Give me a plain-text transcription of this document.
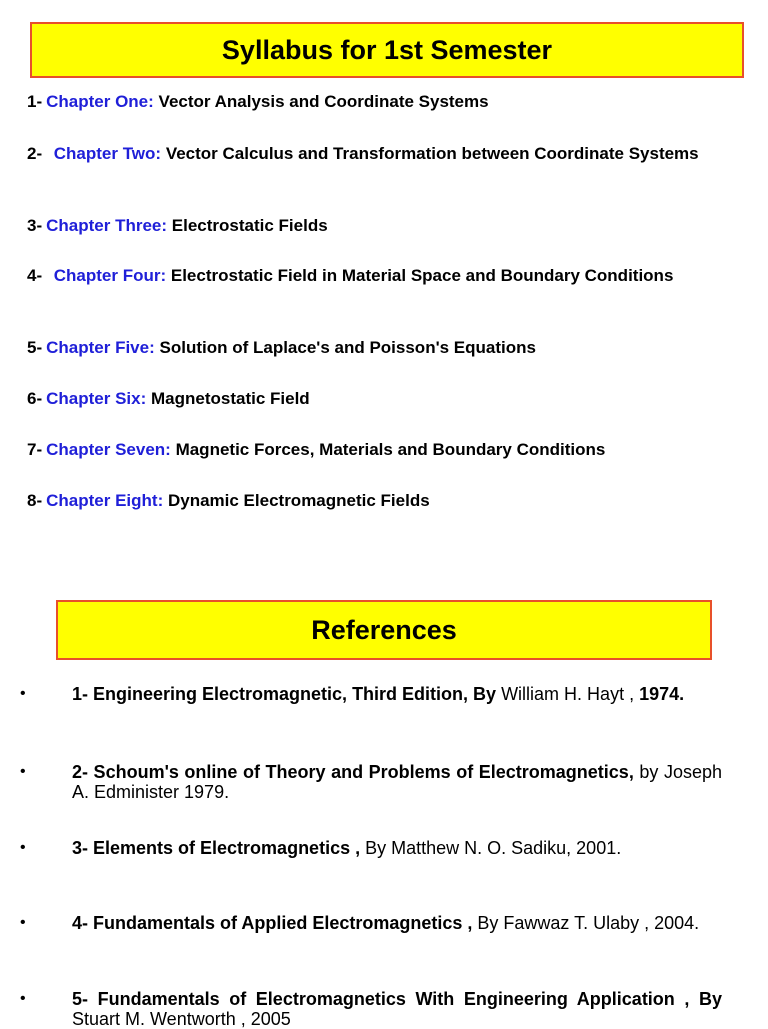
Syllabus for 1st Semester
1- Chapter One: Vector Analysis and Coordinate Systems
2- Chapter Two: Vector Calculus and Transformation between Coordinate Systems
3- Chapter Three: Electrostatic Fields
4- Chapter Four: Electrostatic Field in Material Space and Boundary Conditions
5- Chapter Five: Solution of Laplace's and Poisson's Equations
6- Chapter Six: Magnetostatic Field
7- Chapter Seven: Magnetic Forces, Materials and Boundary Conditions
8- Chapter Eight: Dynamic Electromagnetic Fields
References
•	1- Engineering Electromagnetic, Third Edition, By William H. Hayt , 1974.
•	2- Schoum's online of Theory and Problems of Electromagnetics, by Joseph A. Edminister 1979.
•	3- Elements of Electromagnetics , By Matthew N. O. Sadiku, 2001.
•	4- Fundamentals of Applied Electromagnetics , By Fawwaz T. Ulaby , 2004.
•	5- Fundamentals of Electromagnetics With Engineering Application , By Stuart M. Wentworth , 2005
